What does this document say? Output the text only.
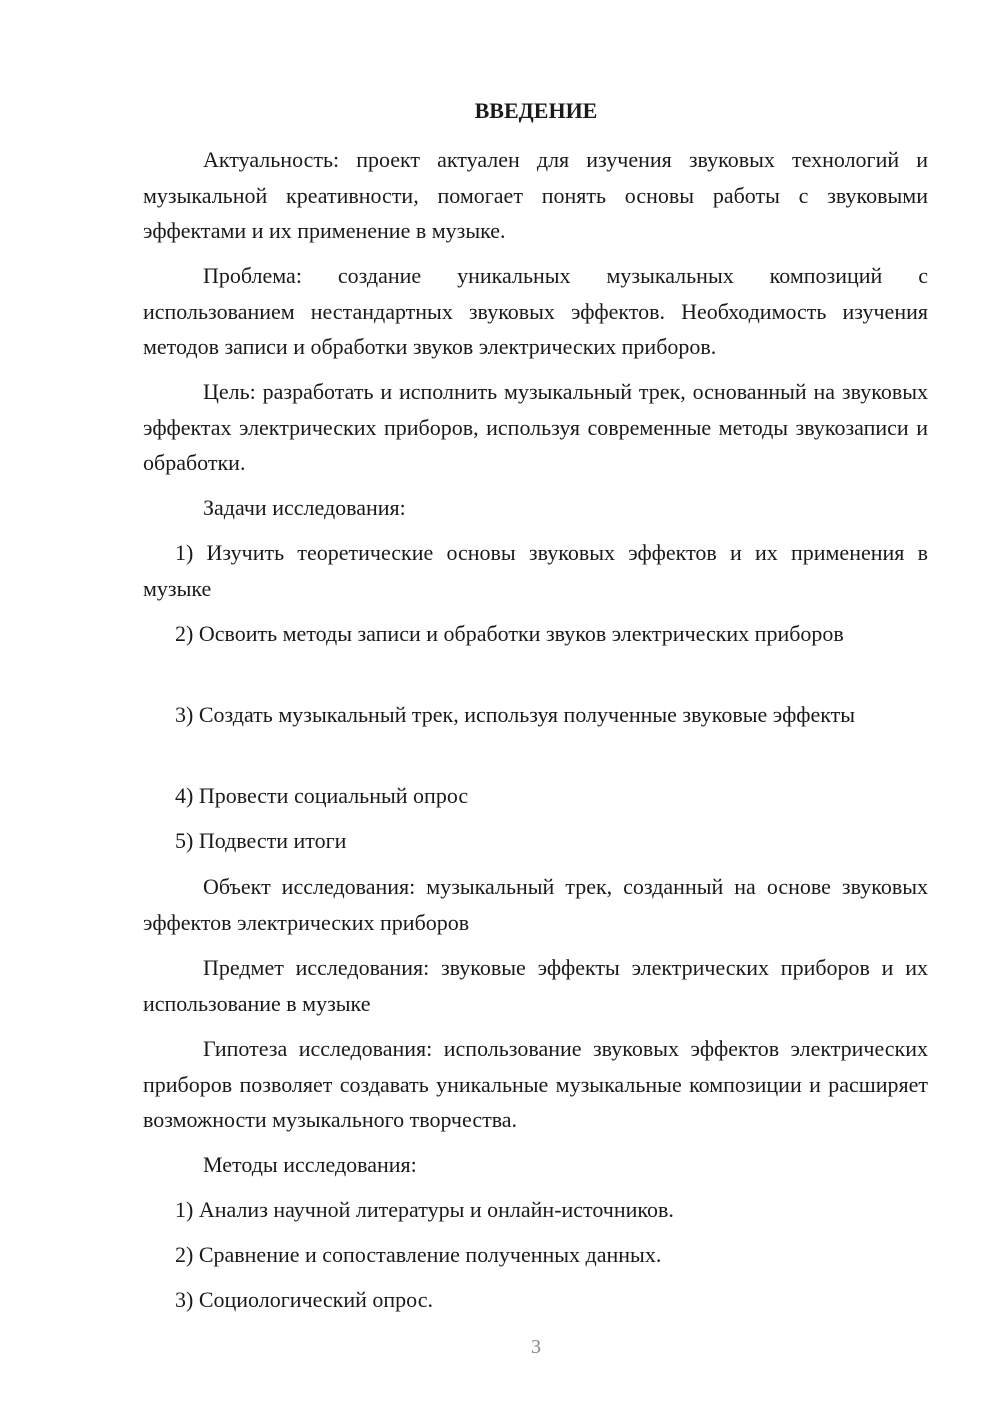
ВВЕДЕНИЕ

Актуальность: проект актуален для изучения звуковых технологий и музыкальной креативности, помогает понять основы работы с звуковыми эффектами и их применение в музыке.

Проблема: создание уникальных музыкальных композиций с использованием нестандартных звуковых эффектов. Необходимость изучения методов записи и обработки звуков электрических приборов.

Цель: разработать и исполнить музыкальный трек, основанный на звуковых эффектах электрических приборов, используя современные методы звукозаписи и обработки.

Задачи исследования:

1) Изучить теоретические основы звуковых эффектов и их применения в музыке

2) Освоить методы записи и обработки звуков электрических приборов

3) Создать музыкальный трек, используя полученные звуковые эффекты

4) Провести социальный опрос

5) Подвести итоги

Объект исследования: музыкальный трек, созданный на основе звуковых эффектов электрических приборов

Предмет исследования: звуковые эффекты электрических приборов и их использование в музыке

Гипотеза исследования: использование звуковых эффектов электрических приборов позволяет создавать уникальные музыкальные композиции и расширяет возможности музыкального творчества.

Методы исследования:

1) Анализ научной литературы и онлайн-источников.

2) Сравнение и сопоставление полученных данных.

3) Социологический опрос.

3
